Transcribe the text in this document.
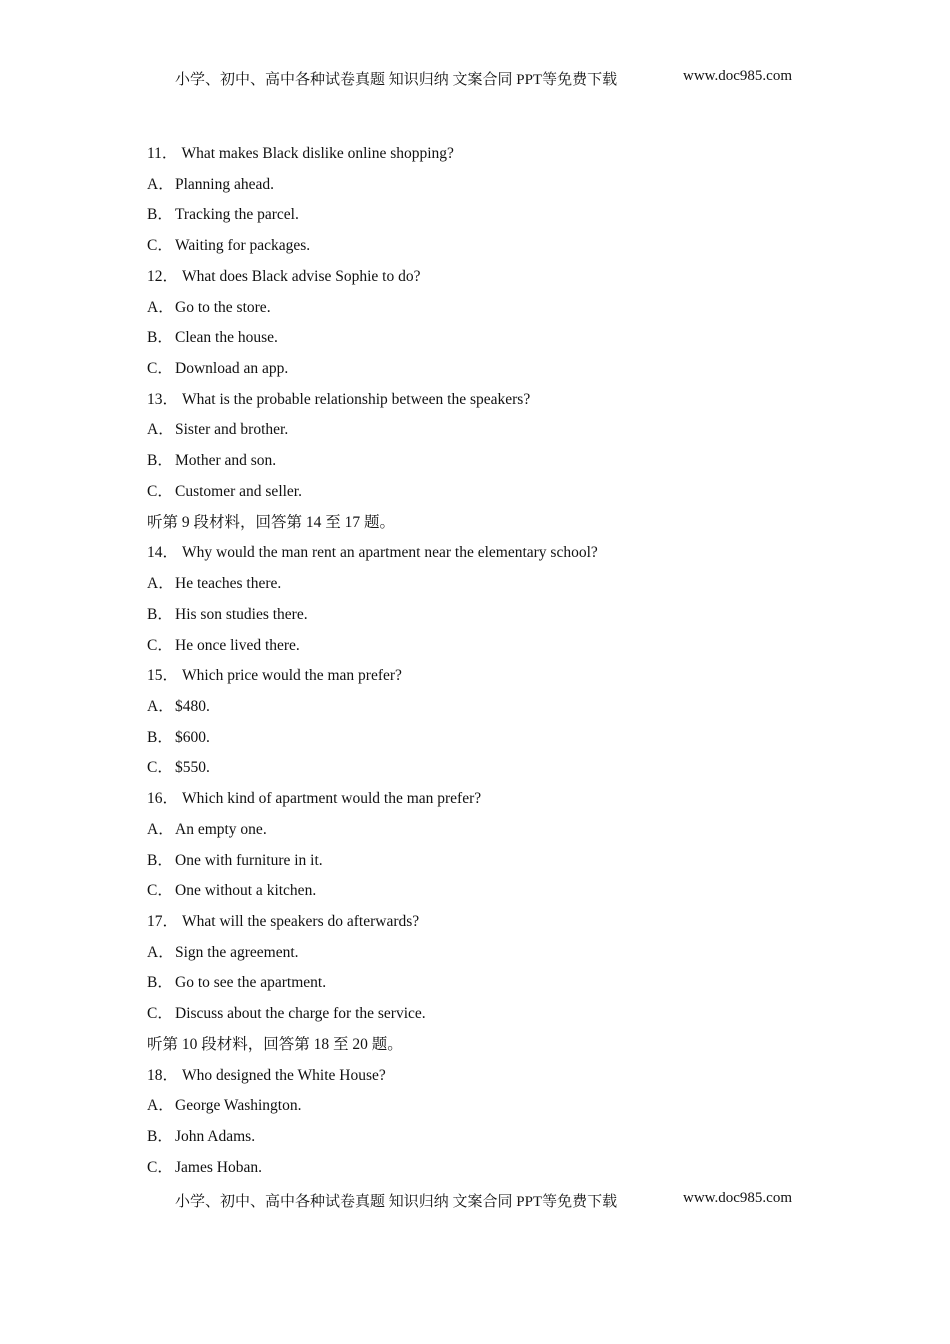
小学、初中、高中各种试卷真题 知识归纳 文案合同 PPT等免费下载	www.doc985.com
11． What makes Black dislike online shopping?
A．Planning ahead.
B． Tracking the parcel.
C． Waiting for packages.
12． What does Black advise Sophie to do?
A．Go to the store.
B． Clean the house.
C． Download an app.
13． What is the probable relationship between the speakers?
A．Sister and brother.
B． Mother and son.
C． Customer and seller.
听第 9 段材料，回答第 14 至 17 题。
14． Why would the man rent an apartment near the elementary school?
A．He teaches there.
B． His son studies there.
C． He once lived there.
15． Which price would the man prefer?
A．$480.
B． $600.
C． $550.
16． Which kind of apartment would the man prefer?
A．An empty one.
B． One with furniture in it.
C． One without a kitchen.
17． What will the speakers do afterwards?
A．Sign the agreement.
B． Go to see the apartment.
C． Discuss about the charge for the service.
听第 10 段材料，回答第 18 至 20 题。
18． Who designed the White House?
A．George Washington.
B． John Adams.
C． James Hoban.
小学、初中、高中各种试卷真题 知识归纳 文案合同 PPT等免费下载	www.doc985.com
